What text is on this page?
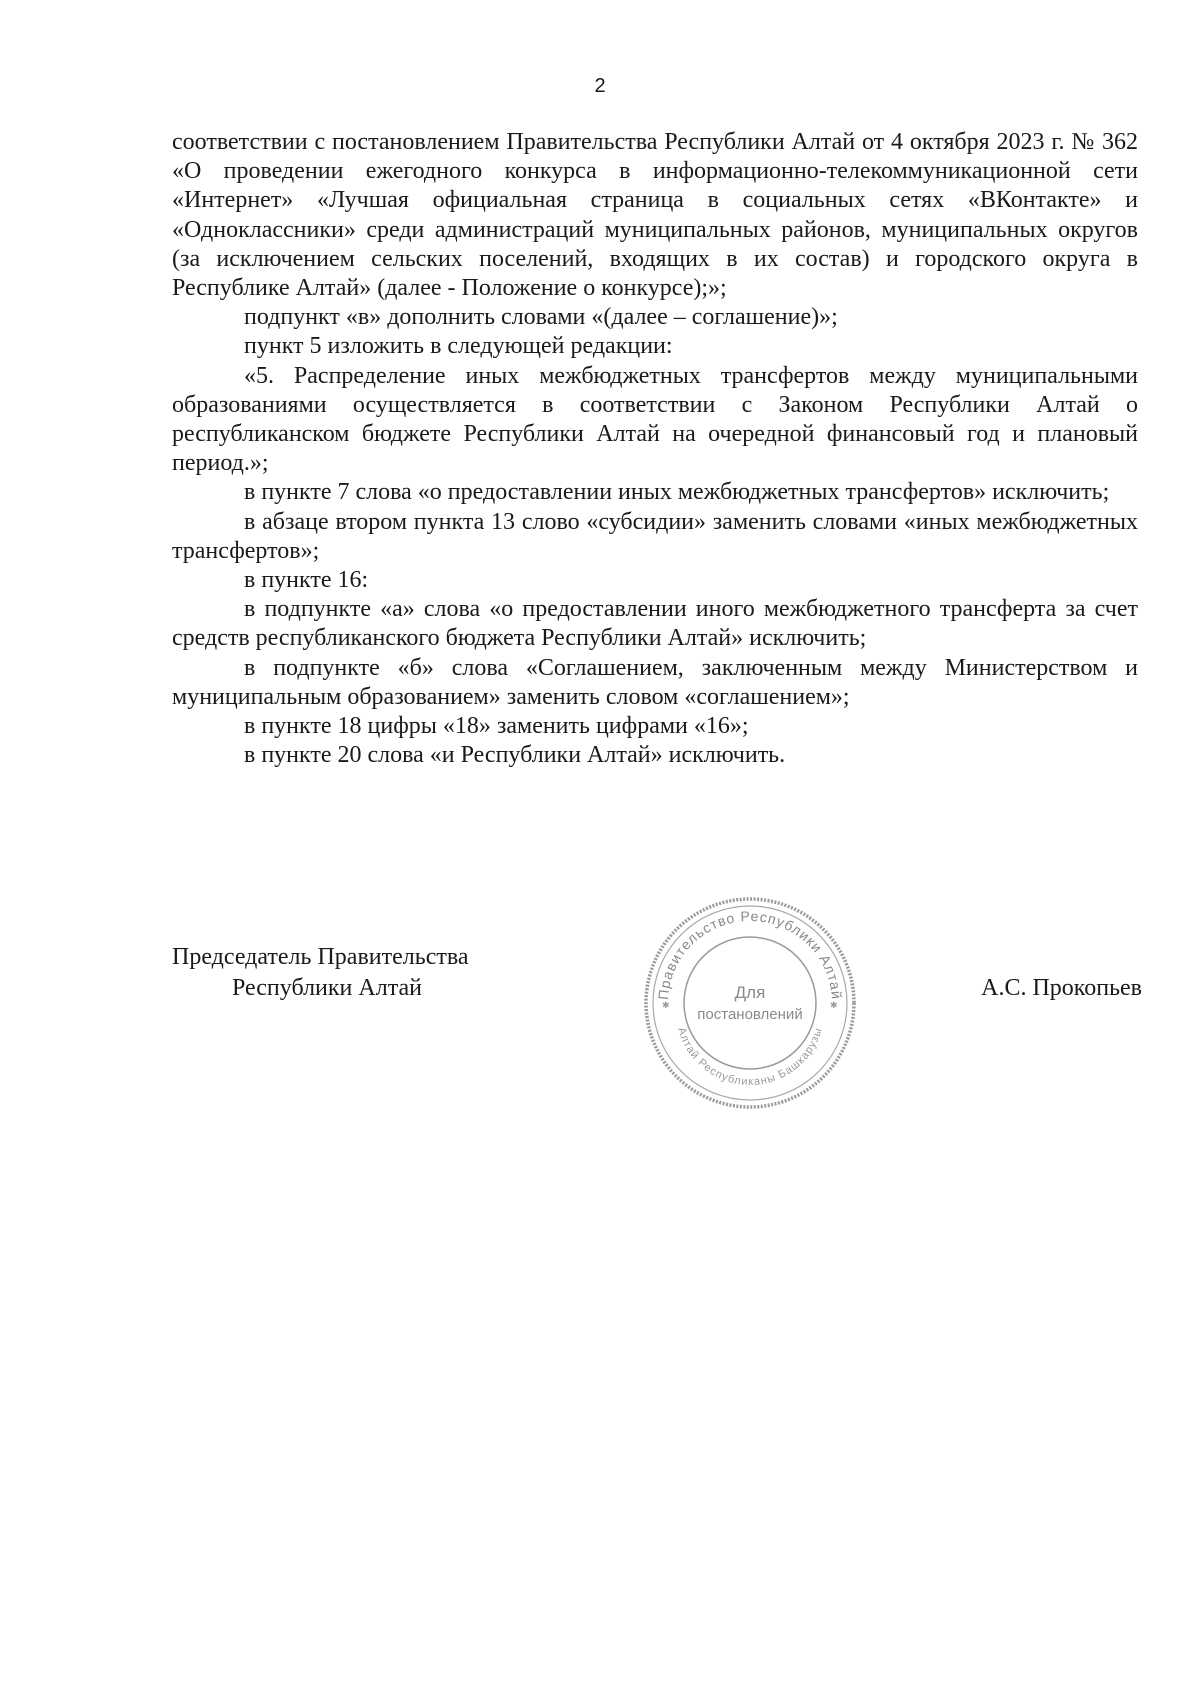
2

соответствии с постановлением Правительства Республики Алтай от 4 октября 2023 г. № 362 «О проведении ежегодного конкурса в информационно-телекоммуникационной сети «Интернет» «Лучшая официальная страница в социальных сетях «ВКонтакте» и «Одноклассники» среди администраций муниципальных районов, муниципальных округов (за исключением сельских поселений, входящих в их состав) и городского округа в Республике Алтай» (далее - Положение о конкурсе);»;

подпункт «в» дополнить словами «(далее – соглашение)»;

пункт 5 изложить в следующей редакции:

«5. Распределение иных межбюджетных трансфертов между муниципальными образованиями осуществляется в соответствии с Законом Республики Алтай о республиканском бюджете Республики Алтай на очередной финансовый год и плановый период.»;

в пункте 7 слова «о предоставлении иных межбюджетных трансфертов» исключить;

в абзаце втором пункта 13 слово «субсидии» заменить словами «иных межбюджетных трансфертов»;

в пункте 16:

в подпункте «а» слова «о предоставлении иного межбюджетного трансферта за счет средств республиканского бюджета Республики Алтай» исключить;

в подпункте «б» слова «Соглашением, заключенным между Министерством и муниципальным образованием» заменить словом «соглашением»;

в пункте 18 цифры «18» заменить цифрами «16»;

в пункте 20 слова «и Республики Алтай» исключить.

Председатель Правительства
Республики Алтай	Правительство Республики Алтай
Алтай Республиканы Башкарузы
✱	✱
Для
постановлений
А.С. Прокопьев
